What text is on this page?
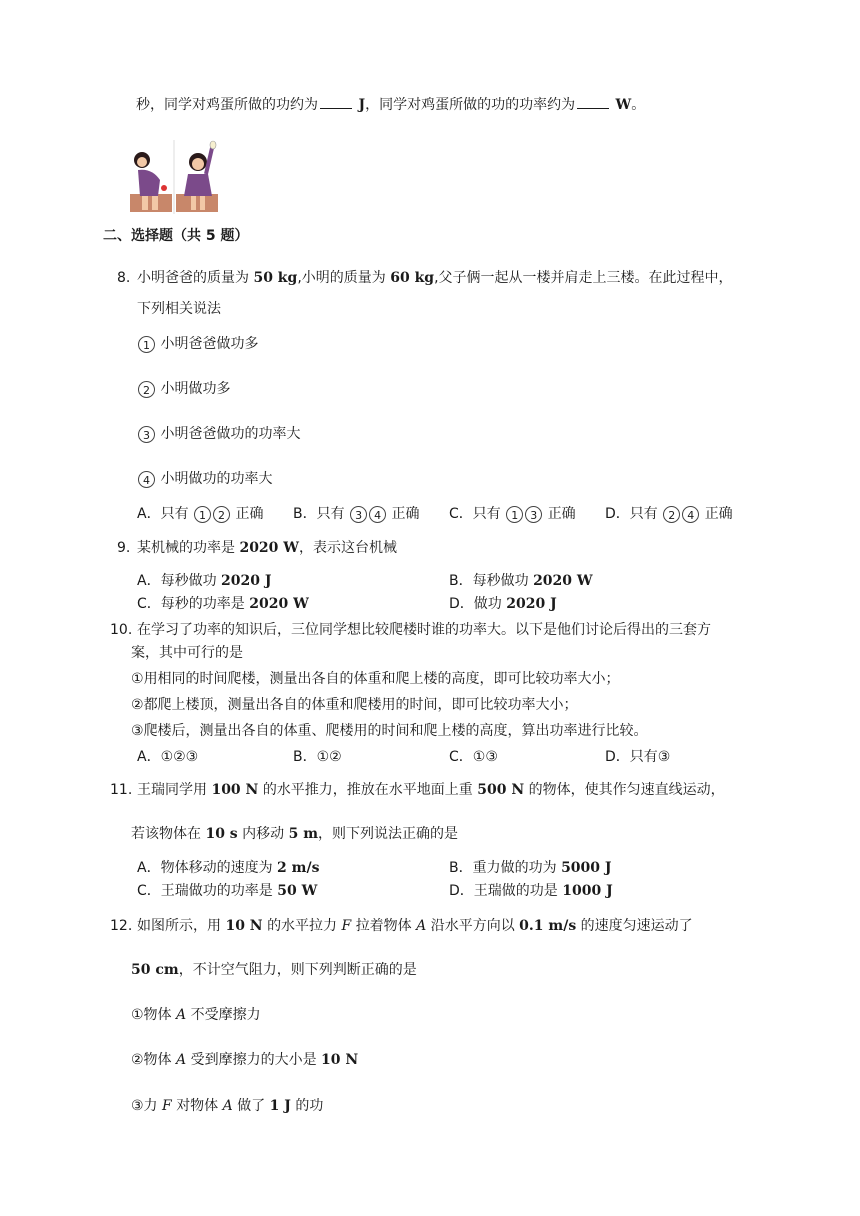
秒，同学对鸡蛋所做的功约为	J，同学对鸡蛋所做的功的功率约为	W。
二、选择题（共 5 题）
8. 小明爸爸的质量为 50 kg,小明的质量为 60 kg,父子俩一起从一楼并肩走上三楼。在此过程中，
下列相关说法
1 小明爸爸做功多
2 小明做功多
3 小明爸爸做功的功率大
4 小明做功的功率大
A．只有 1 2 正确 B．只有 3 4 正确 C．只有 1 3 正确 D．只有 2 4 正确
9. 某机械的功率是 2020 W，表示这台机械
A．每秒做功 2020 J	B．每秒做功 2020 W
C．每秒的功率是 2020 W	D．做功 2020 J
10. 在学习了功率的知识后，三位同学想比较爬楼时谁的功率大。以下是他们讨论后得出的三套方
案，其中可行的是
①用相同的时间爬楼，测量出各自的体重和爬上楼的高度，即可比较功率大小；
②都爬上楼顶，测量出各自的体重和爬楼用的时间，即可比较功率大小；
③爬楼后，测量出各自的体重、爬楼用的时间和爬上楼的高度，算出功率进行比较。
A．①②③	B．①②	C．①③	D．只有③
11. 王瑞同学用 100 N 的水平推力，推放在水平地面上重 500 N 的物体，使其作匀速直线运动，
若该物体在 10 s 内移动 5 m，则下列说法正确的是
A．物体移动的速度为 2 m/s	B．重力做的功为 5000 J
C．王瑞做功的功率是 50 W	D．王瑞做的功是 1000 J
12. 如图所示，用 10 N 的水平拉力 F 拉着物体 A 沿水平方向以 0.1 m/s 的速度匀速运动了
50 cm，不计空气阻力，则下列判断正确的是
①物体 A 不受摩擦力
②物体 A 受到摩擦力的大小是 10 N
③力 F 对物体 A 做了 1 J 的功
